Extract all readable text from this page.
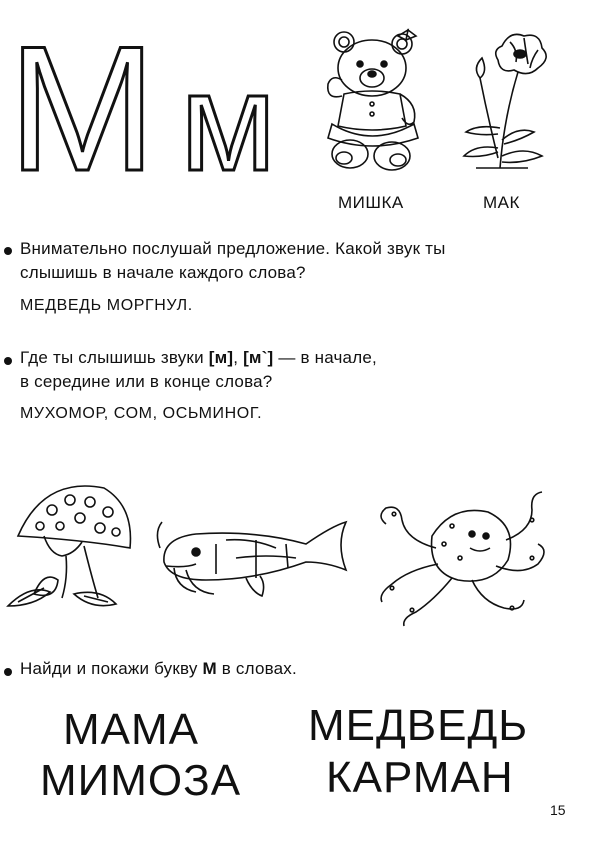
М м
МИШКА	МАК
Внимательно послушай предложение. Какой звук ты
слышишь в начале каждого слова?
МЕДВЕДЬ МОРГНУЛ.
Где ты слышишь звуки [м], [м`] — в начале,
в середине или в конце слова?
МУХОМОР, СОМ, ОСЬМИНОГ.
Найди и покажи букву М в словах.
МАМА
МИМОЗА
МЕДВЕДЬ
КАРМАН
15
